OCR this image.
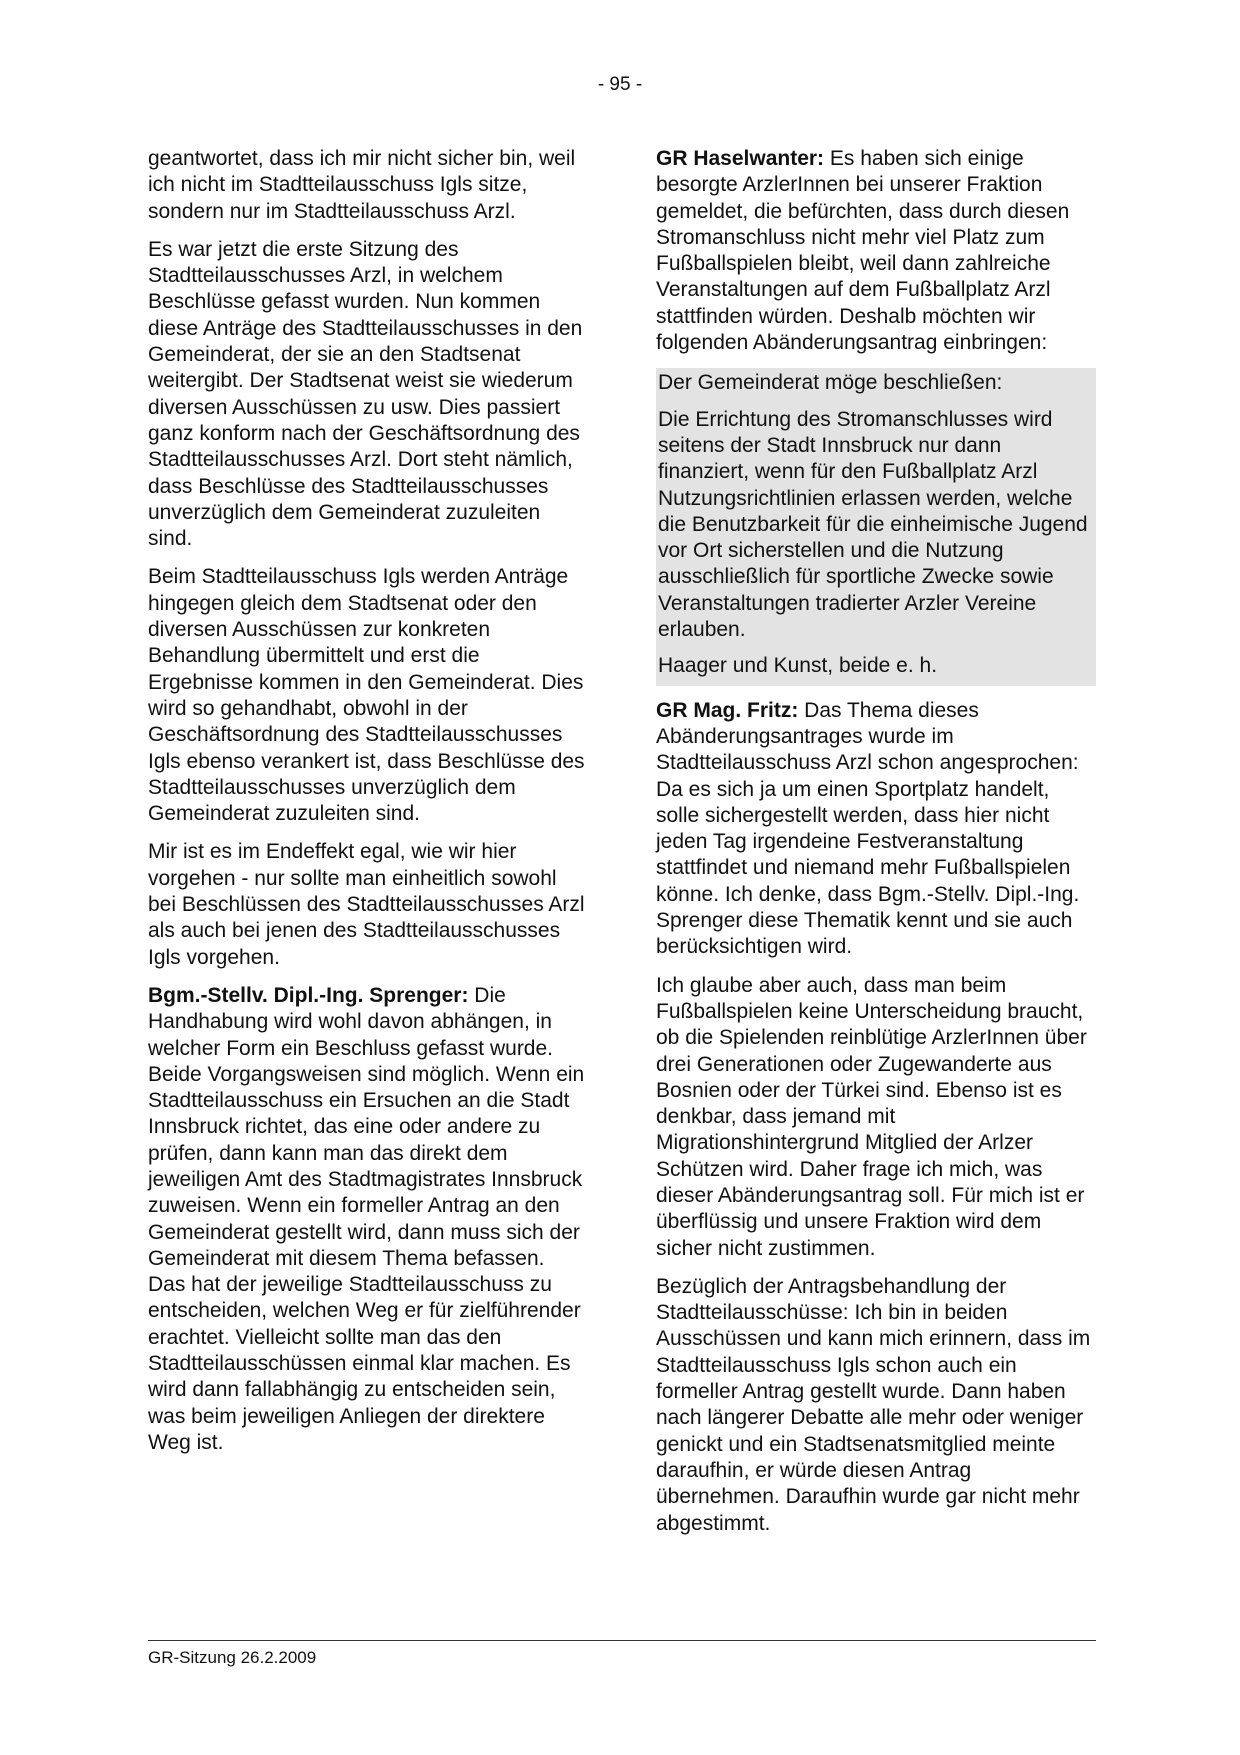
- 95 -

geantwortet, dass ich mir nicht sicher bin, weil ich nicht im Stadtteilausschuss Igls sitze, sondern nur im Stadtteilausschuss Arzl.

Es war jetzt die erste Sitzung des Stadtteilausschusses Arzl, in welchem Beschlüsse gefasst wurden. Nun kommen diese Anträge des Stadtteilausschusses in den Gemeinderat, der sie an den Stadtsenat weitergibt. Der Stadtsenat weist sie wiederum diversen Ausschüssen zu usw. Dies passiert ganz konform nach der Geschäftsordnung des Stadtteilausschusses Arzl. Dort steht nämlich, dass Beschlüsse des Stadtteilausschusses unverzüglich dem Gemeinderat zuzuleiten sind.

Beim Stadtteilausschuss Igls werden Anträge hingegen gleich dem Stadtsenat oder den diversen Ausschüssen zur konkreten Behandlung übermittelt und erst die Ergebnisse kommen in den Gemeinderat. Dies wird so gehandhabt, obwohl in der Geschäftsordnung des Stadtteilausschusses Igls ebenso verankert ist, dass Beschlüsse des Stadtteilausschusses unverzüglich dem Gemeinderat zuzuleiten sind.

Mir ist es im Endeffekt egal, wie wir hier vorgehen - nur sollte man einheitlich sowohl bei Beschlüssen des Stadtteilausschusses Arzl als auch bei jenen des Stadtteilausschusses Igls vorgehen.

Bgm.-Stellv. Dipl.-Ing. Sprenger: Die Handhabung wird wohl davon abhängen, in welcher Form ein Beschluss gefasst wurde. Beide Vorgangsweisen sind möglich. Wenn ein Stadtteilausschuss ein Ersuchen an die Stadt Innsbruck richtet, das eine oder andere zu prüfen, dann kann man das direkt dem jeweiligen Amt des Stadtmagistrates Innsbruck zuweisen. Wenn ein formeller Antrag an den Gemeinderat gestellt wird, dann muss sich der Gemeinderat mit diesem Thema befassen. Das hat der jeweilige Stadtteilausschuss zu entscheiden, welchen Weg er für zielführender erachtet. Vielleicht sollte man das den Stadtteilausschüssen einmal klar machen. Es wird dann fallabhängig zu entscheiden sein, was beim jeweiligen Anliegen der direktere Weg ist.

GR Haselwanter: Es haben sich einige besorgte ArzlerInnen bei unserer Fraktion gemeldet, die befürchten, dass durch diesen Stromanschluss nicht mehr viel Platz zum Fußballspielen bleibt, weil dann zahlreiche Veranstaltungen auf dem Fußballplatz Arzl stattfinden würden. Deshalb möchten wir folgenden Abänderungsantrag einbringen:

Der Gemeinderat möge beschließen:

Die Errichtung des Stromanschlusses wird seitens der Stadt Innsbruck nur dann finanziert, wenn für den Fußballplatz Arzl Nutzungsrichtlinien erlassen werden, welche die Benutzbarkeit für die einheimische Jugend vor Ort sicherstellen und die Nutzung ausschließlich für sportliche Zwecke sowie Veranstaltungen tradierter Arzler Vereine erlauben.

Haager und Kunst, beide e. h.

GR Mag. Fritz: Das Thema dieses Abänderungsantrages wurde im Stadtteilausschuss Arzl schon angesprochen: Da es sich ja um einen Sportplatz handelt, solle sichergestellt werden, dass hier nicht jeden Tag irgendeine Festveranstaltung stattfindet und niemand mehr Fußballspielen könne. Ich denke, dass Bgm.-Stellv. Dipl.-Ing. Sprenger diese Thematik kennt und sie auch berücksichtigen wird.

Ich glaube aber auch, dass man beim Fußballspielen keine Unterscheidung braucht, ob die Spielenden reinblütige ArzlerInnen über drei Generationen oder Zugewanderte aus Bosnien oder der Türkei sind. Ebenso ist es denkbar, dass jemand mit Migrationshintergrund Mitglied der Arlzer Schützen wird. Daher frage ich mich, was dieser Abänderungsantrag soll. Für mich ist er überflüssig und unsere Fraktion wird dem sicher nicht zustimmen.

Bezüglich der Antragsbehandlung der Stadtteilausschüsse: Ich bin in beiden Ausschüssen und kann mich erinnern, dass im Stadtteilausschuss Igls schon auch ein formeller Antrag gestellt wurde. Dann haben nach längerer Debatte alle mehr oder weniger genickt und ein Stadtsenatsmitglied meinte daraufhin, er würde diesen Antrag übernehmen. Daraufhin wurde gar nicht mehr abgestimmt.

GR-Sitzung 26.2.2009
